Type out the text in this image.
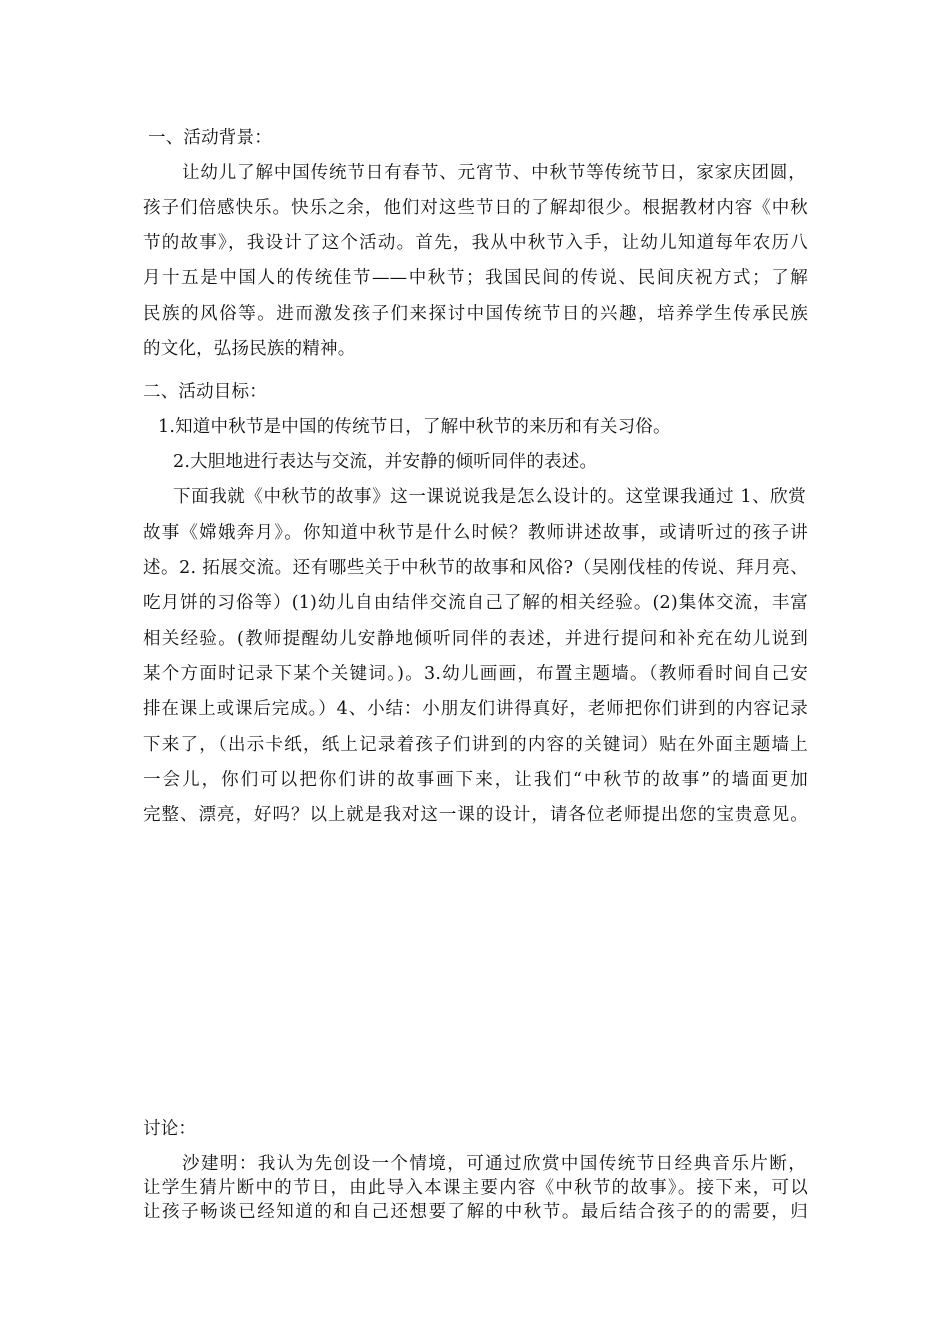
一、活动背景：
让幼儿了解中国传统节日有春节、元宵节、中秋节等传统节日，家家庆团圆，
孩子们倍感快乐。快乐之余，他们对这些节日的了解却很少。根据教材内容《中秋
节的故事》，我设计了这个活动。首先，我从中秋节入手，让幼儿知道每年农历八
月十五是中国人的传统佳节——中秋节；我国民间的传说、民间庆祝方式；了解
民族的风俗等。进而激发孩子们来探讨中国传统节日的兴趣，培养学生传承民族
的文化，弘扬民族的精神。
二、活动目标：
1.知道中秋节是中国的传统节日，了解中秋节的来历和有关习俗。
2.大胆地进行表达与交流，并安静的倾听同伴的表述。
下面我就《中秋节的故事》这一课说说我是怎么设计的。这堂课我通过 1、欣赏
故事《嫦娥奔月》。你知道中秋节是什么时候？教师讲述故事，或请听过的孩子讲
述。2. 拓展交流。还有哪些关于中秋节的故事和风俗?（吴刚伐桂的传说、拜月亮、
吃月饼的习俗等）(1)幼儿自由结伴交流自己了解的相关经验。(2)集体交流，丰富
相关经验。(教师提醒幼儿安静地倾听同伴的表述，并进行提问和补充在幼儿说到
某个方面时记录下某个关键词。)。3.幼儿画画，布置主题墙。（教师看时间自己安
排在课上或课后完成。）4、小结：小朋友们讲得真好，老师把你们讲到的内容记录
下来了，（出示卡纸，纸上记录着孩子们讲到的内容的关键词）贴在外面主题墙上
一会儿，你们可以把你们讲的故事画下来，让我们“中秋节的故事”的墙面更加
完整、漂亮，好吗？以上就是我对这一课的设计，请各位老师提出您的宝贵意见。
讨论：
沙建明：我认为先创设一个情境，可通过欣赏中国传统节日经典音乐片断，
让学生猜片断中的节日，由此导入本课主要内容《中秋节的故事》。接下来，可以
让孩子畅谈已经知道的和自己还想要了解的中秋节。最后结合孩子的的需要，归
